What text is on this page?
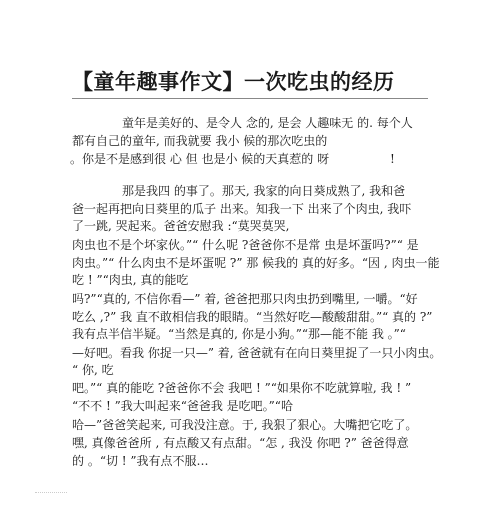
【童年趣事作文】一次吃虫的经历
童年是美好的、是令人 念的, 是会 人趣味无 的. 每个人
都有自己的童年, 而我就要 我小 候的那次吃虫的
。你是不是感到很 心 但 也是小 候的天真惹的 呀	!
那是我四 的事了。那天, 我家的向日葵成熟了, 我和爸
爸一起再把向日葵里的瓜子 出来。知我一下 出来了个肉虫, 我吓
了一跳, 哭起来。爸爸安慰我 :“莫哭莫哭,
肉虫也不是个坏家伙。”“ 什么呢 ?爸爸你不是常 虫是坏蛋吗?”“ 是
肉虫。”“ 什么肉虫不是坏蛋呢 ?” 那 候我的 真的好多。“因 , 肉虫一能
吃 ! ”“肉虫, 真的能吃
吗?”“真的, 不信你看—” 着, 爸爸把那只肉虫扔到嘴里, 一嚼。“好
吃么 ,?” 我 直不敢相信我的眼睛。“当然好吃—酸酸甜甜。”“ 真的 ?”
我有点半信半疑。“当然是真的, 你是小狗。”“那—能不能 我 。”“
—好吧。看我 你捉一只—” 着, 爸爸就有在向日葵里捉了一只小肉虫。
“ 你, 吃
吧。”“ 真的能吃 ?爸爸你不会 我吧 ! ”“如果你不吃就算啦, 我 ! ”
“不不 ! ”我大叫起来“爸爸我 是吃吧。”“哈
哈—”爸爸笑起来, 可我没注意。于, 我狠了狠心。大嘴把它吃了。
嘿, 真像爸爸所 , 有点酸又有点甜。“怎 , 我没 你吧 ?” 爸爸得意
的 。“切 ! ”我有点不服…
